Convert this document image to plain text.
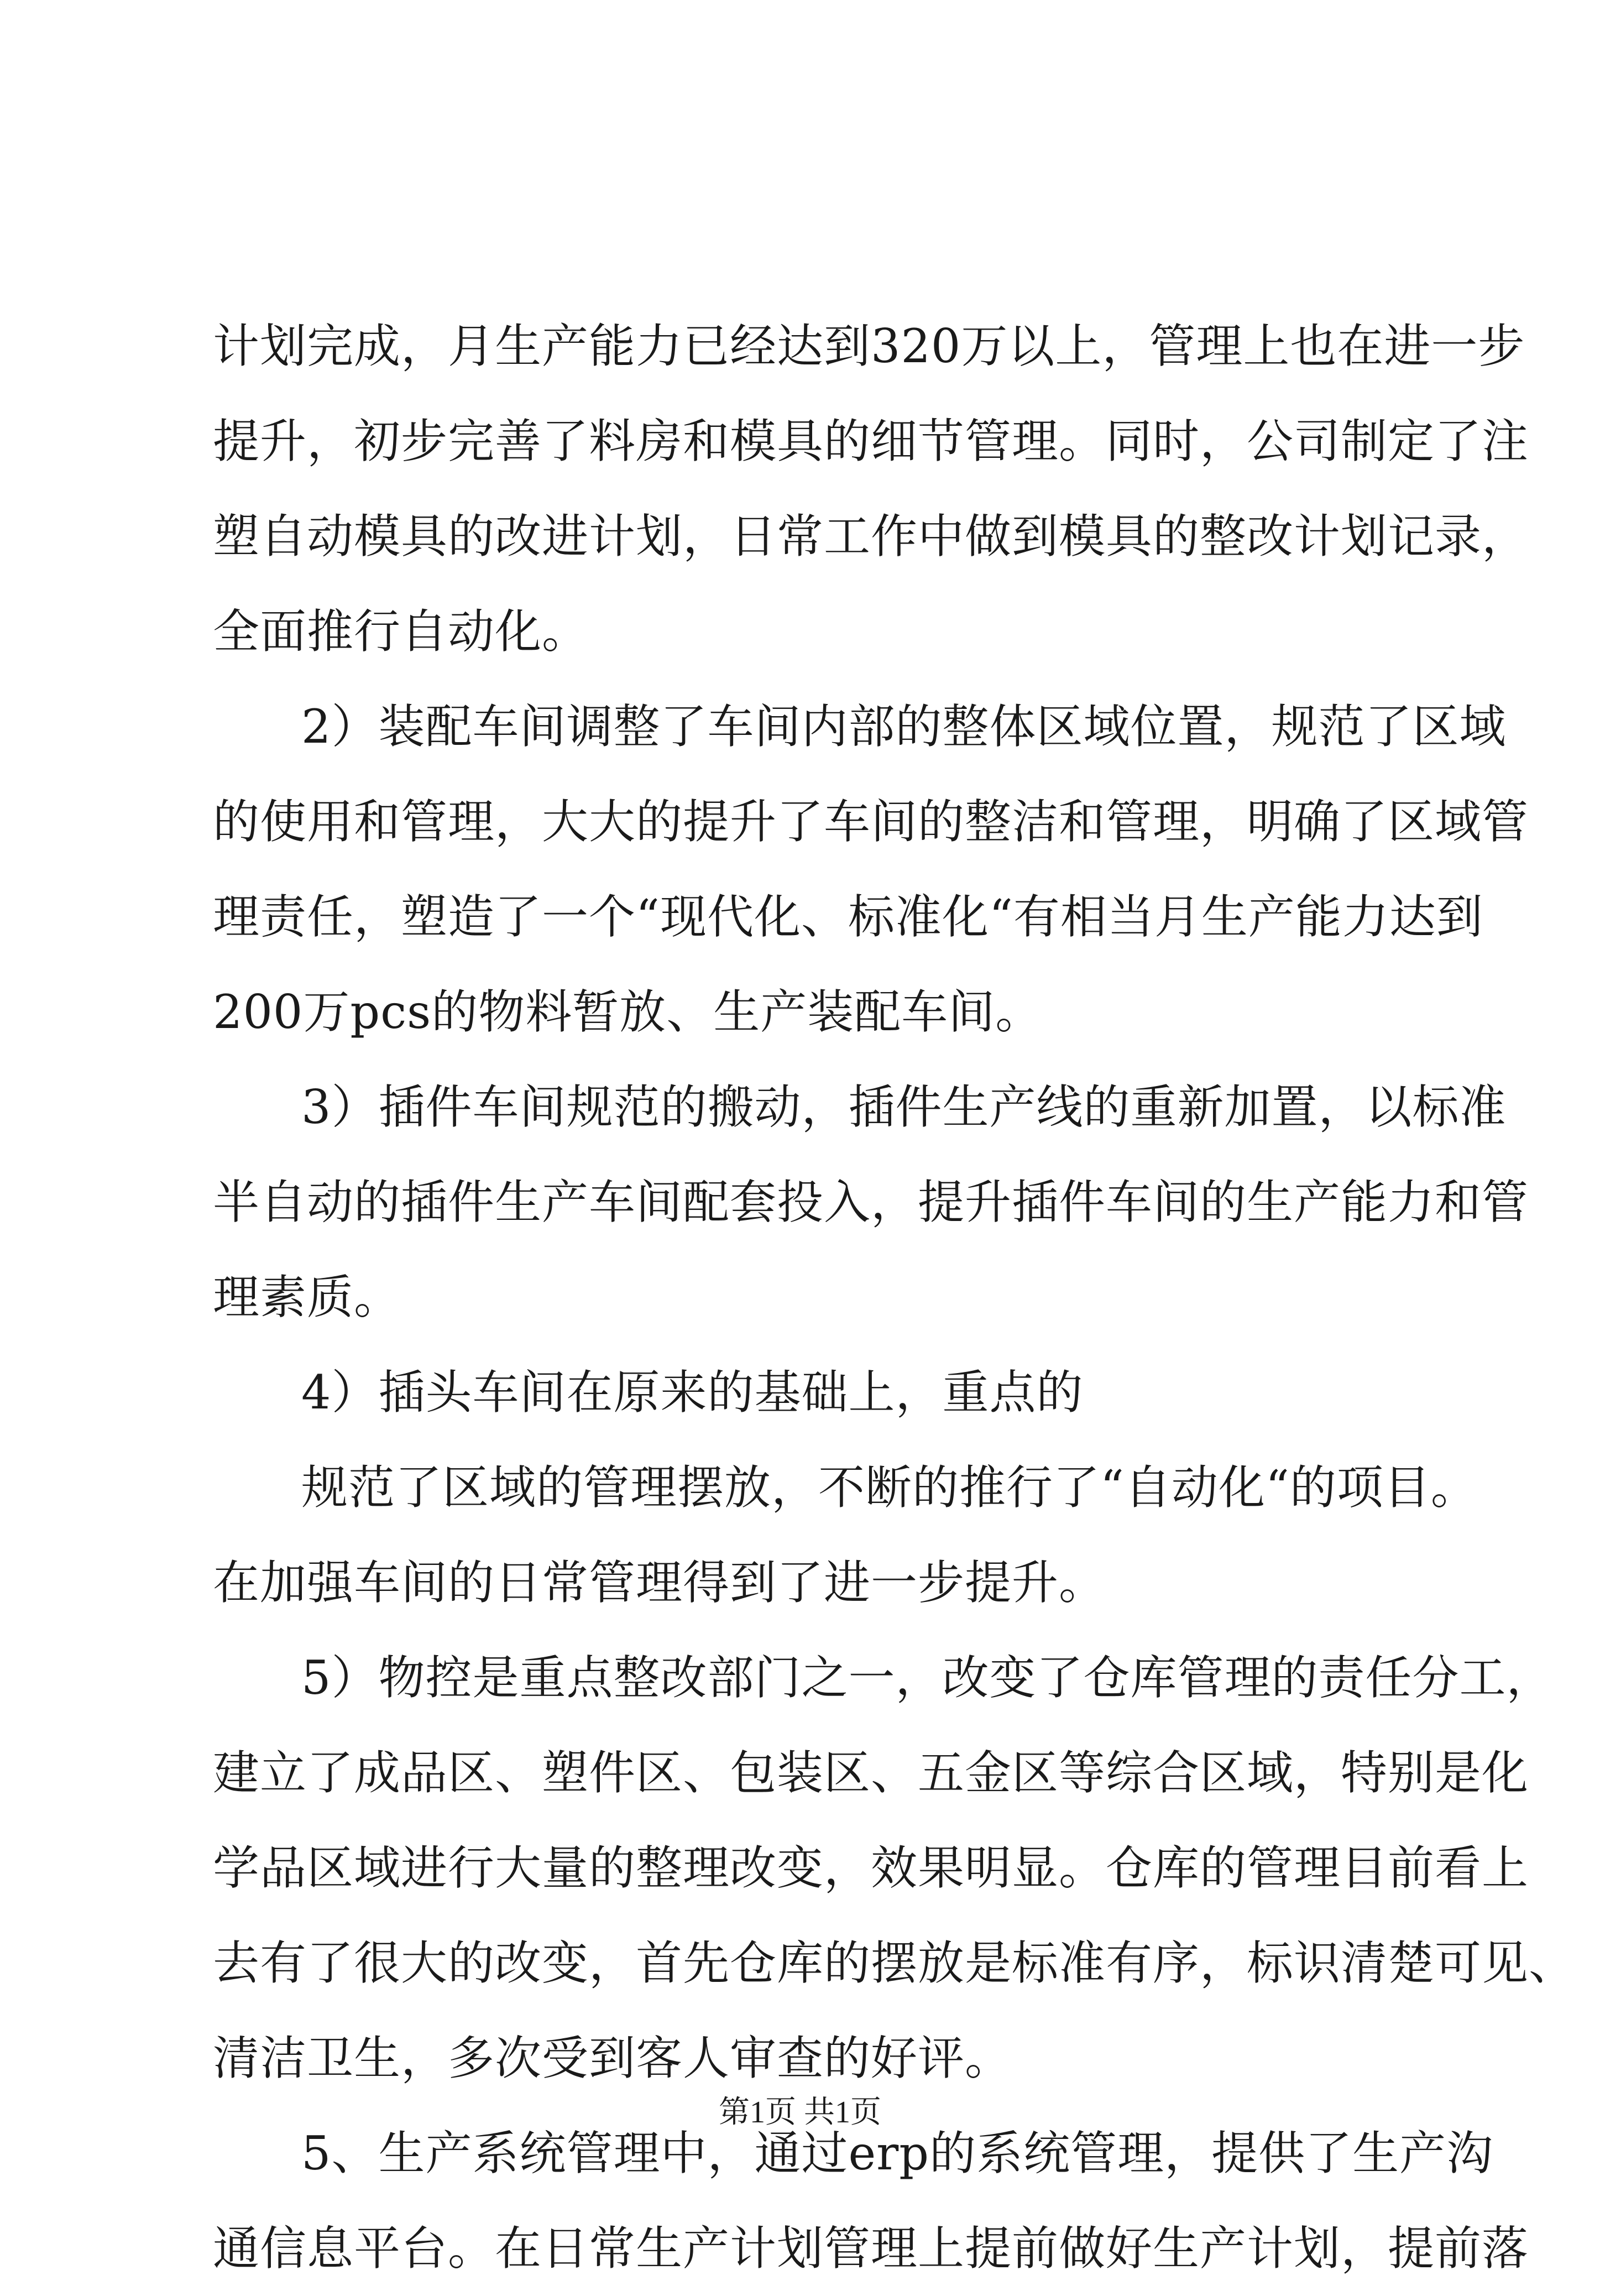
计划完成，月生产能力已经达到320万以上，管理上也在进一步
提升，初步完善了料房和模具的细节管理。同时，公司制定了注
塑自动模具的改进计划，日常工作中做到模具的整改计划记录，
全面推行自动化。
2）装配车间调整了车间内部的整体区域位置，规范了区域
的使用和管理，大大的提升了车间的整洁和管理，明确了区域管
理责任，塑造了一个“现代化、标准化“有相当月生产能力达到
200万pcs的物料暂放、生产装配车间。
3）插件车间规范的搬动，插件生产线的重新加置，以标准
半自动的插件生产车间配套投入，提升插件车间的生产能力和管
理素质。
4）插头车间在原来的基础上，重点的
规范了区域的管理摆放，不断的推行了“自动化“的项目。
在加强车间的日常管理得到了进一步提升。
5）物控是重点整改部门之一，改变了仓库管理的责任分工，
建立了成品区、塑件区、包装区、五金区等综合区域，特别是化
学品区域进行大量的整理改变，效果明显。仓库的管理目前看上
去有了很大的改变，首先仓库的摆放是标准有序，标识清楚可见、
清洁卫生，多次受到客人审查的好评。
5、生产系统管理中，通过erp的系统管理，提供了生产沟
通信息平台。在日常生产计划管理上提前做好生产计划，提前落
第1页 共1页
